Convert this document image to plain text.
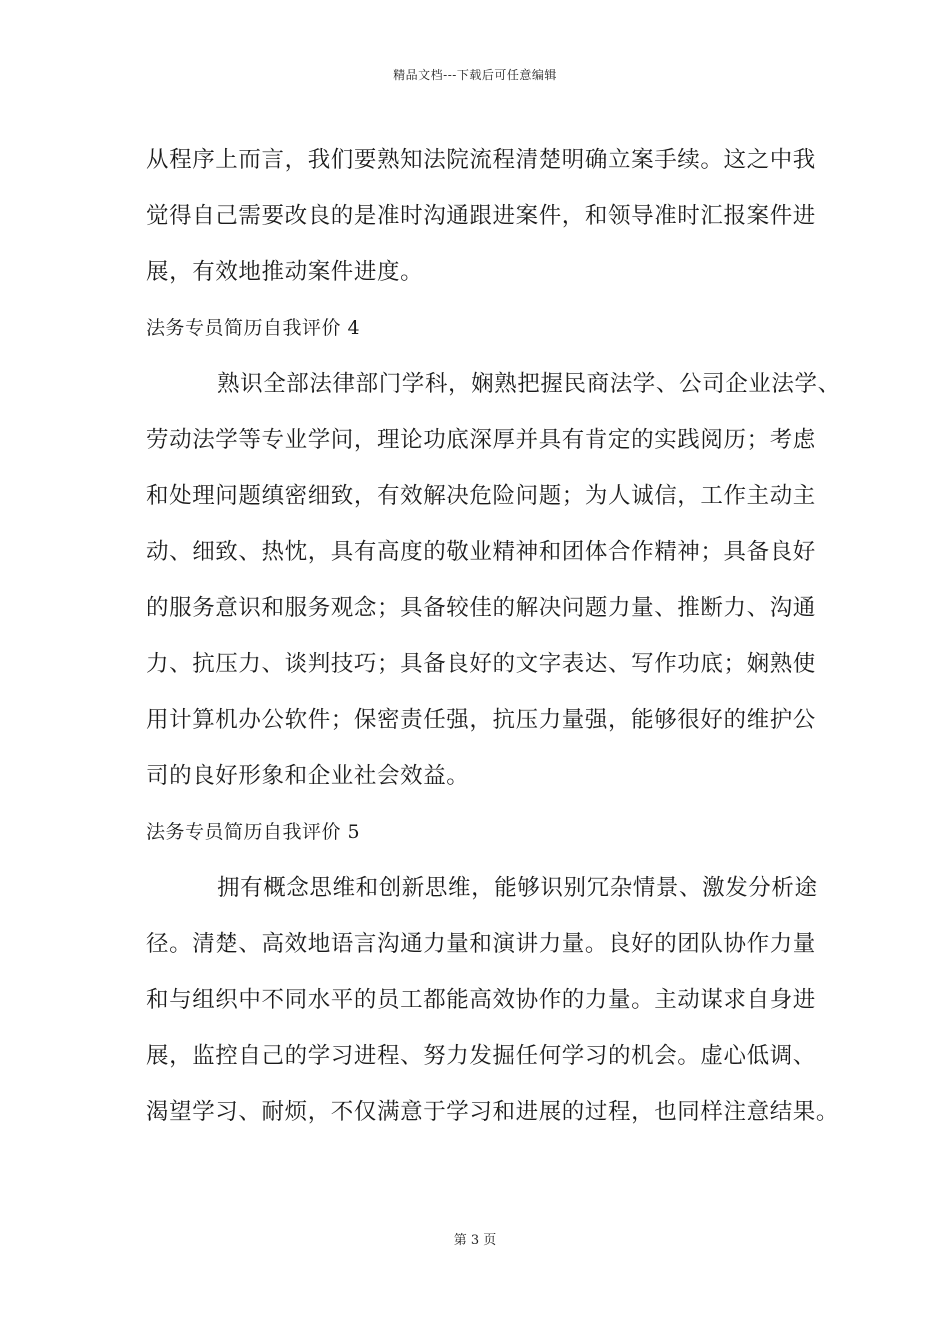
精品文档---下载后可任意编辑
从程序上而言，我们要熟知法院流程清楚明确立案手续。这之中我
觉得自己需要改良的是准时沟通跟进案件，和领导准时汇报案件进
展，有效地推动案件进度。
法务专员简历自我评价 4
熟识全部法律部门学科，娴熟把握民商法学、公司企业法学、
劳动法学等专业学问，理论功底深厚并具有肯定的实践阅历；考虑
和处理问题缜密细致，有效解决危险问题；为人诚信，工作主动主
动、细致、热忱，具有高度的敬业精神和团体合作精神；具备良好
的服务意识和服务观念；具备较佳的解决问题力量、推断力、沟通
力、抗压力、谈判技巧；具备良好的文字表达、写作功底；娴熟使
用计算机办公软件；保密责任强，抗压力量强，能够很好的维护公
司的良好形象和企业社会效益。
法务专员简历自我评价 5
拥有概念思维和创新思维，能够识别冗杂情景、激发分析途
径。清楚、高效地语言沟通力量和演讲力量。良好的团队协作力量
和与组织中不同水平的员工都能高效协作的力量。主动谋求自身进
展，监控自己的学习进程、努力发掘任何学习的机会。虚心低调、
渴望学习、耐烦，不仅满意于学习和进展的过程，也同样注意结果。
第 3 页
